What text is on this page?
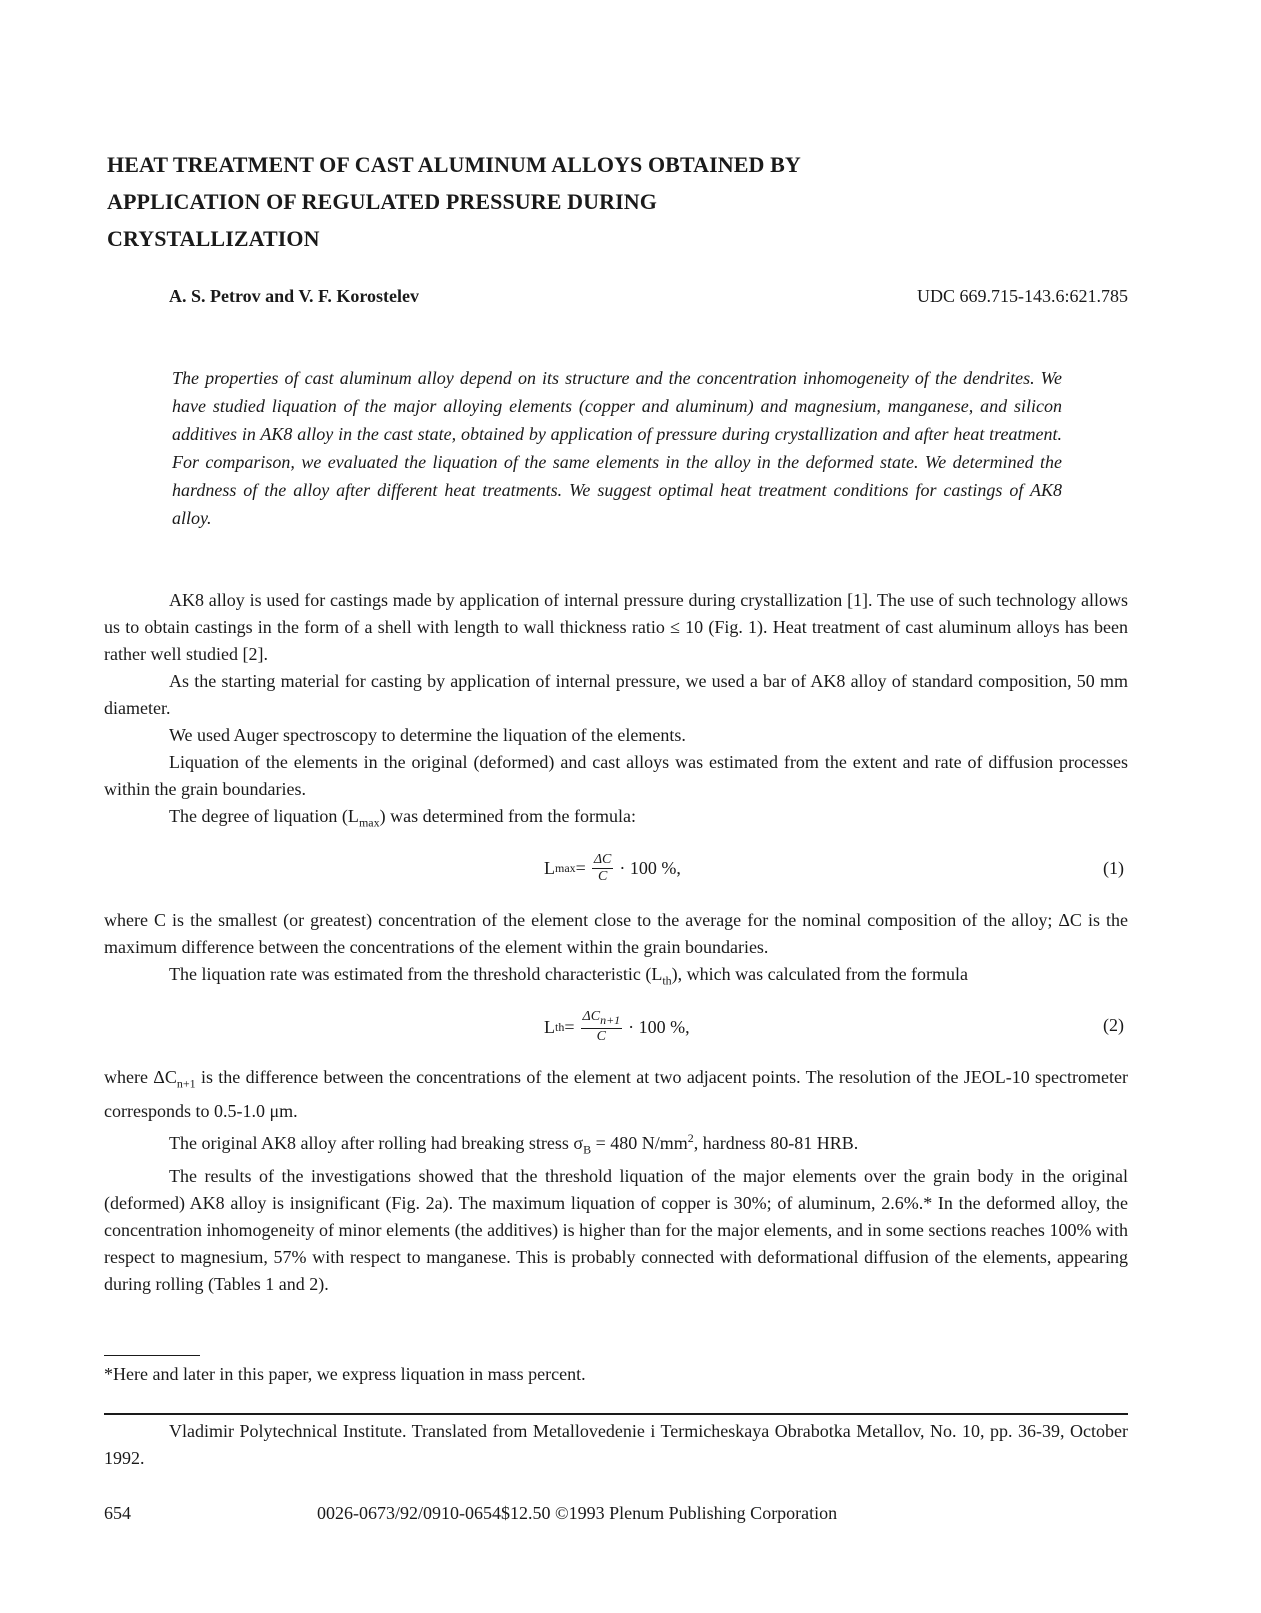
HEAT TREATMENT OF CAST ALUMINUM ALLOYS OBTAINED BY
APPLICATION OF REGULATED PRESSURE DURING
CRYSTALLIZATION
A. S. Petrov and V. F. Korostelev	UDC 669.715-143.6:621.785
The properties of cast aluminum alloy depend on its structure and the concentration inhomogeneity of the dendrites. We have studied liquation of the major alloying elements (copper and aluminum) and magnesium, manganese, and silicon additives in AK8 alloy in the cast state, obtained by application of pressure during crystallization and after heat treatment. For comparison, we evaluated the liquation of the same elements in the alloy in the deformed state. We determined the hardness of the alloy after different heat treatments. We suggest optimal heat treatment conditions for castings of AK8 alloy.

AK8 alloy is used for castings made by application of internal pressure during crystallization [1]. The use of such technology allows us to obtain castings in the form of a shell with length to wall thickness ratio ≤ 10 (Fig. 1). Heat treatment of cast aluminum alloys has been rather well studied [2].

As the starting material for casting by application of internal pressure, we used a bar of AK8 alloy of standard composition, 50 mm diameter.

We used Auger spectroscopy to determine the liquation of the elements.

Liquation of the elements in the original (deformed) and cast alloys was estimated from the extent and rate of diffusion processes within the grain boundaries.

The degree of liquation $(L_{max})$ was determined from the formula:

L $\max = \frac{\Delta C}{C} \cdot 100$ %,	(1)

where C is the smallest (or greatest) concentration of the element close to the average for the nominal composition of the alloy; ΔC is the maximum difference between the concentrations of the element within the grain boundaries.

The liquation rate was estimated from the threshold characteristic $(L_{th})$, which was calculated from the formula

L th = $\frac{\Delta C_{n+1}}{C} \cdot 100$ %,	(2)

where $\Delta C_{n+1}$ is the difference between the concentrations of the element at two adjacent points. The resolution of the JEOL-10 spectrometer corresponds to 0.5-1.0 μm.

The original AK8 alloy after rolling had breaking stress $\sigma_B = 480$ $N/mm^2$, hardness 80-81 HRB.

The results of the investigations showed that the threshold liquation of the major elements over the grain body in the original (deformed) AK8 alloy is insignificant (Fig. 2a). The maximum liquation of copper is 30%; of aluminum, 2.6%.* In the deformed alloy, the concentration inhomogeneity of minor elements (the additives) is higher than for the major elements, and in some sections reaches 100% with respect to magnesium, 57% with respect to manganese. This is probably connected with deformational diffusion of the elements, appearing during rolling (Tables 1 and 2).

*Here and later in this paper, we express liquation in mass percent.
Vladimir Polytechnical Institute. Translated from Metallovedenie i Termicheskaya Obrabotka Metallov, No. 10, pp. 36-39, October 1992.
654	0026-0673/92/0910-0654$12.50 ©1993 Plenum Publishing Corporation
